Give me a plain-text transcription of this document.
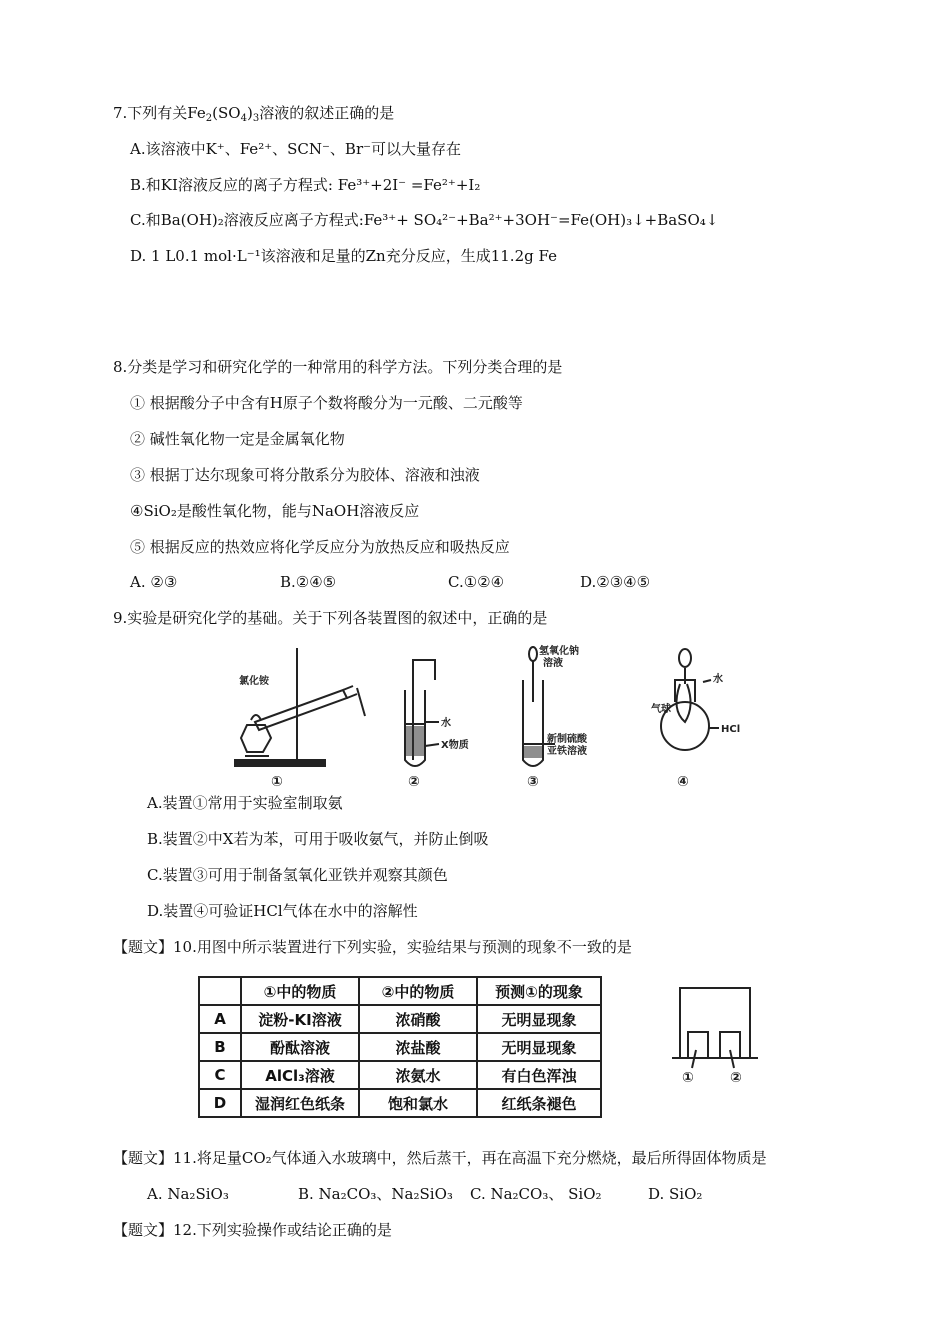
7.下列有关$Fe_2(SO_4)_3$溶液的叙述正确的是
A.该溶液中K⁺、Fe²⁺、SCN⁻、Br⁻可以大量存在
B.和KI溶液反应的离子方程式: Fe³⁺+2I⁻ =Fe²⁺+I₂
C.和Ba(OH)₂溶液反应离子方程式:Fe³⁺+ SO₄²⁻+Ba²⁺+3OH⁻=Fe(OH)₃↓+BaSO₄↓
D. 1 L0.1 mol·L⁻¹该溶液和足量的Zn充分反应，生成11.2g Fe
8.分类是学习和研究化学的一种常用的科学方法。下列分类合理的是
① 根据酸分子中含有H原子个数将酸分为一元酸、二元酸等
② 碱性氧化物一定是金属氧化物
③ 根据丁达尔现象可将分散系分为胶体、溶液和浊液
④SiO₂是酸性氧化物，能与NaOH溶液反应
⑤ 根据反应的热效应将化学反应分为放热反应和吸热反应
A. ②③	B.②④⑤	C.①②④	D.②③④⑤
9.实验是研究化学的基础。关于下列各装置图的叙述中，正确的是
氯化铵
水
X物质
氢氧化钠
溶液
新制硫酸
亚铁溶液
水
气球
HCl
①	②	③	④
A.装置①常用于实验室制取氨
B.装置②中X若为苯，可用于吸收氨气，并防止倒吸
C.装置③可用于制备氢氧化亚铁并观察其颜色
D.装置④可验证HCl气体在水中的溶解性
【题文】10.用图中所示装置进行下列实验，实验结果与预测的现象不一致的是
	①中的物质	②中的物质	预测①的现象
A	淀粉-KI溶液	浓硝酸	无明显现象
B	酚酞溶液	浓盐酸	无明显现象
C	AlCl₃溶液	浓氨水	有白色浑浊
D	湿润红色纸条	饱和氯水	红纸条褪色
①	②
【题文】11.将足量CO₂气体通入水玻璃中，然后蒸干，再在高温下充分燃烧，最后所得固体物质是
A. Na₂SiO₃	B. Na₂CO₃、Na₂SiO₃ C. Na₂CO₃、 SiO₂	D. SiO₂
【题文】12.下列实验操作或结论正确的是
